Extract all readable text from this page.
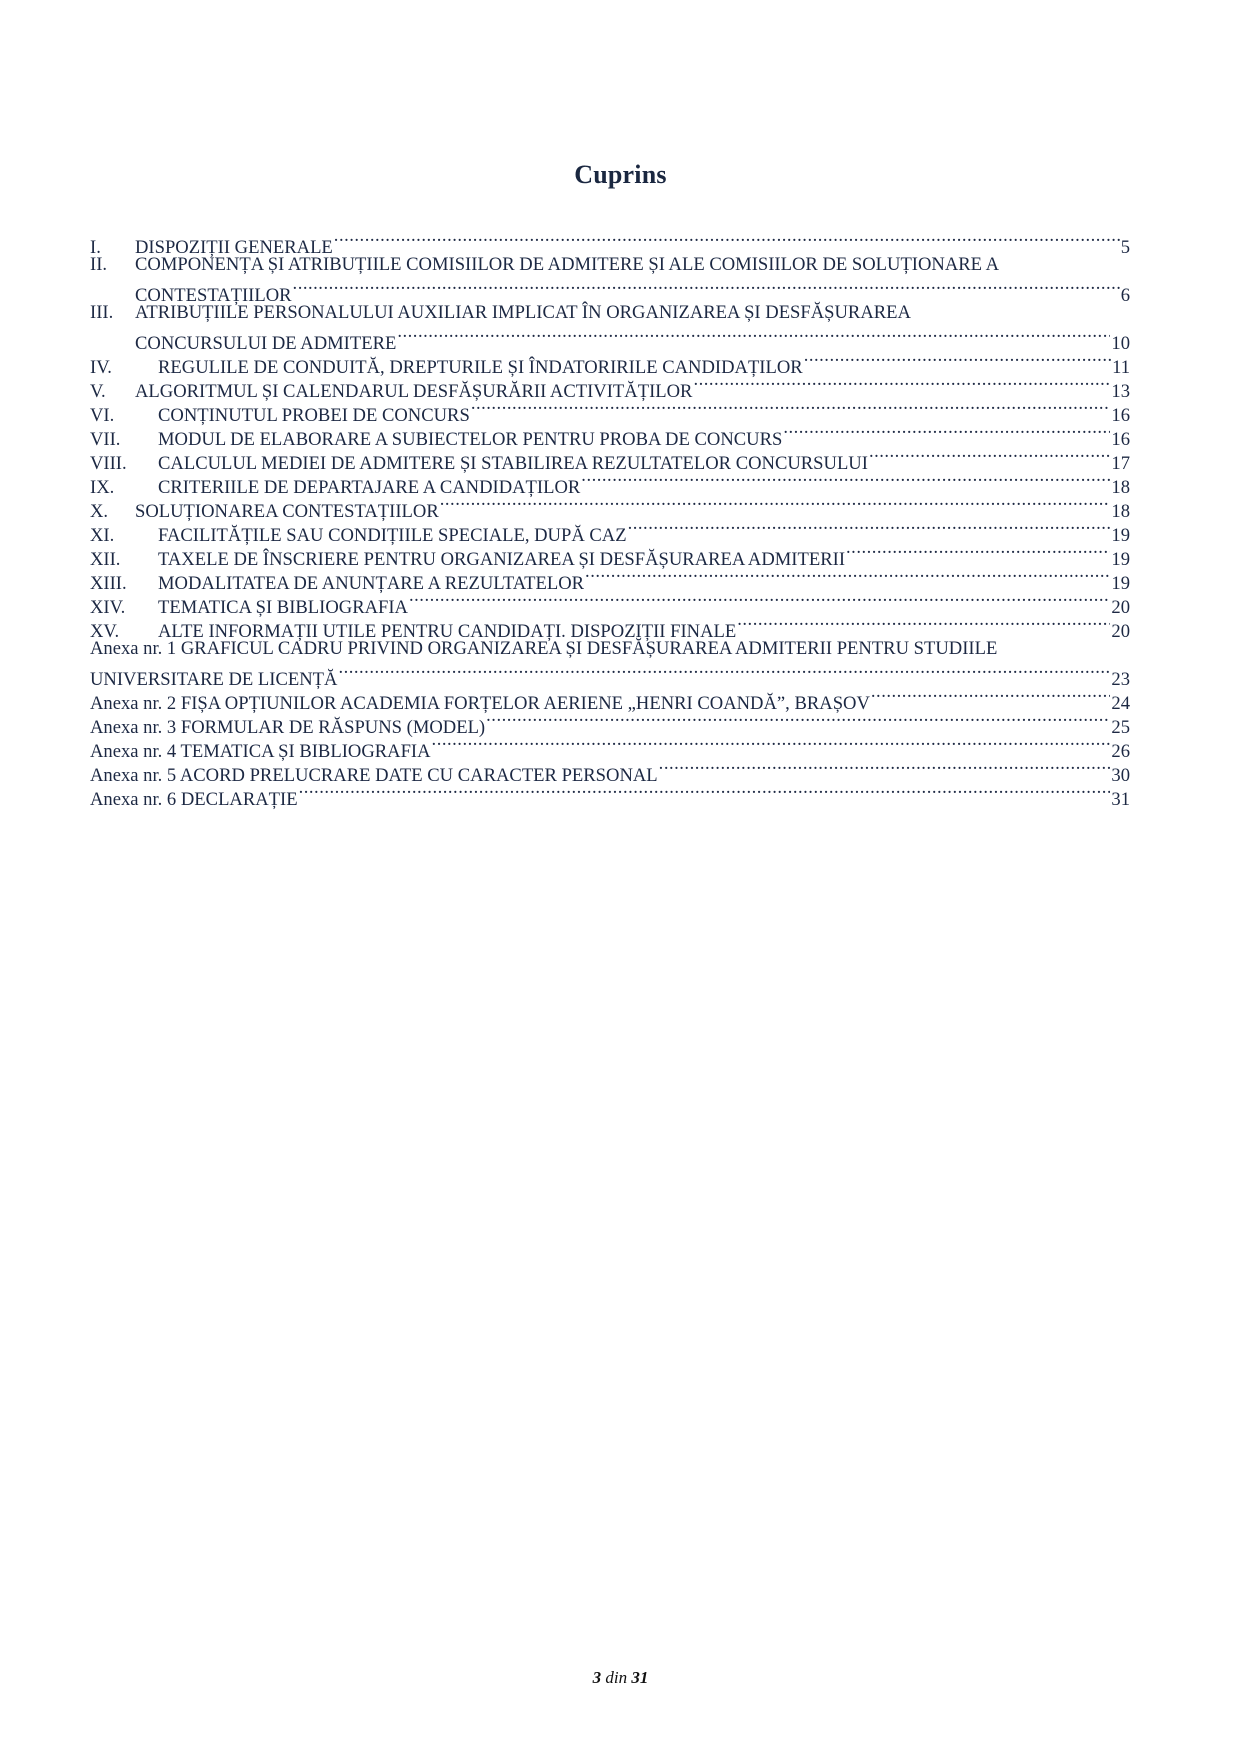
Cuprins
I.	DISPOZIȚII GENERALE .....	5
II.	COMPONENȚA ȘI ATRIBUȚIILE COMISIILOR DE ADMITERE ȘI ALE COMISIILOR DE SOLUȚIONARE A
CONTESTAȚIILOR .....	6
III.	ATRIBUȚIILE PERSONALULUI AUXILIAR IMPLICAT ÎN ORGANIZAREA ȘI DESFĂȘURAREA
CONCURSULUI DE ADMITERE .....	10
IV.	REGULILE DE CONDUITĂ, DREPTURILE ȘI ÎNDATORIRILE CANDIDAȚILOR .....	11
V.	ALGORITMUL ȘI CALENDARUL DESFĂȘURĂRII ACTIVITĂȚILOR .....	13
VI.	CONȚINUTUL PROBEI DE CONCURS .....	16
VII.	MODUL DE ELABORARE A SUBIECTELOR PENTRU PROBA DE CONCURS .....	16
VIII.	CALCULUL MEDIEI DE ADMITERE ȘI STABILIREA REZULTATELOR CONCURSULUI .....	17
IX.	CRITERIILE DE DEPARTAJARE A CANDIDAȚILOR .....	18
X.	SOLUȚIONAREA CONTESTAȚIILOR .....	18
XI.	FACILITĂȚILE SAU CONDIȚIILE SPECIALE, DUPĂ CAZ .....	19
XII.	TAXELE DE ÎNSCRIERE PENTRU ORGANIZAREA ȘI DESFĂȘURAREA ADMITERII .....	19
XIII.	MODALITATEA DE ANUNȚARE A REZULTATELOR .....	19
XIV.	TEMATICA ȘI BIBLIOGRAFIA .....	20
XV.	ALTE INFORMAȚII UTILE PENTRU CANDIDAȚI. DISPOZIȚII FINALE .....	20
Anexa nr. 1 GRAFICUL CADRU PRIVIND ORGANIZAREA ȘI DESFĂȘURAREA ADMITERII PENTRU STUDIILE
UNIVERSITARE DE LICENȚĂ .....	23
Anexa nr. 2 FIȘA OPȚIUNILOR ACADEMIA FORȚELOR AERIENE „HENRI COANDĂ”, BRAȘOV .....	24
Anexa nr. 3 FORMULAR DE RĂSPUNS (MODEL) .....	25
Anexa nr. 4 TEMATICA ȘI BIBLIOGRAFIA .....	26
Anexa nr. 5 ACORD PRELUCRARE DATE CU CARACTER PERSONAL .....	30
Anexa nr. 6 DECLARAȚIE .....	31
3 din 31
